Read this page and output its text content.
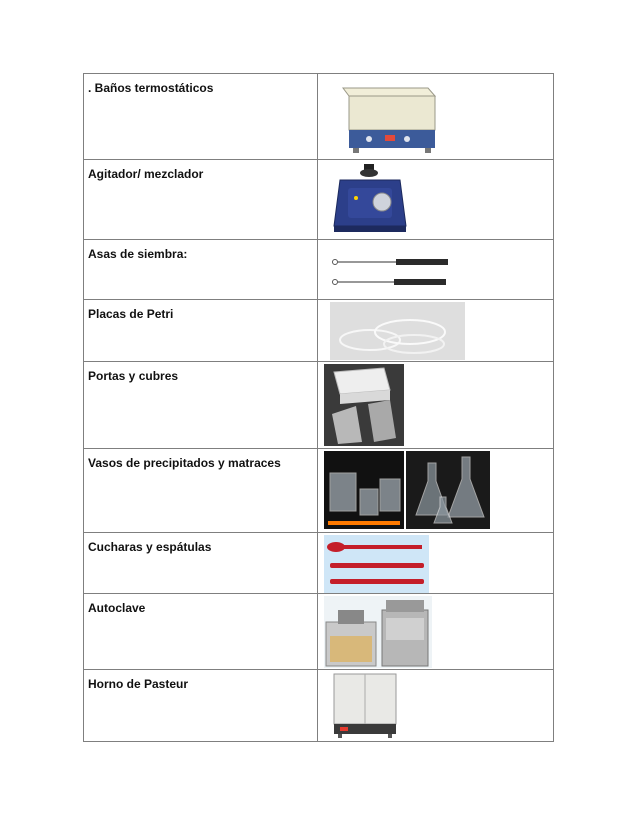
. Baños termostáticos	

Agitador/ mezclador	

Asas de siembra:	

Placas de Petri	

Portas y cubres	

Vasos de precipitados y matraces	

Cucharas y espátulas	

Autoclave	

Horno de Pasteur	
